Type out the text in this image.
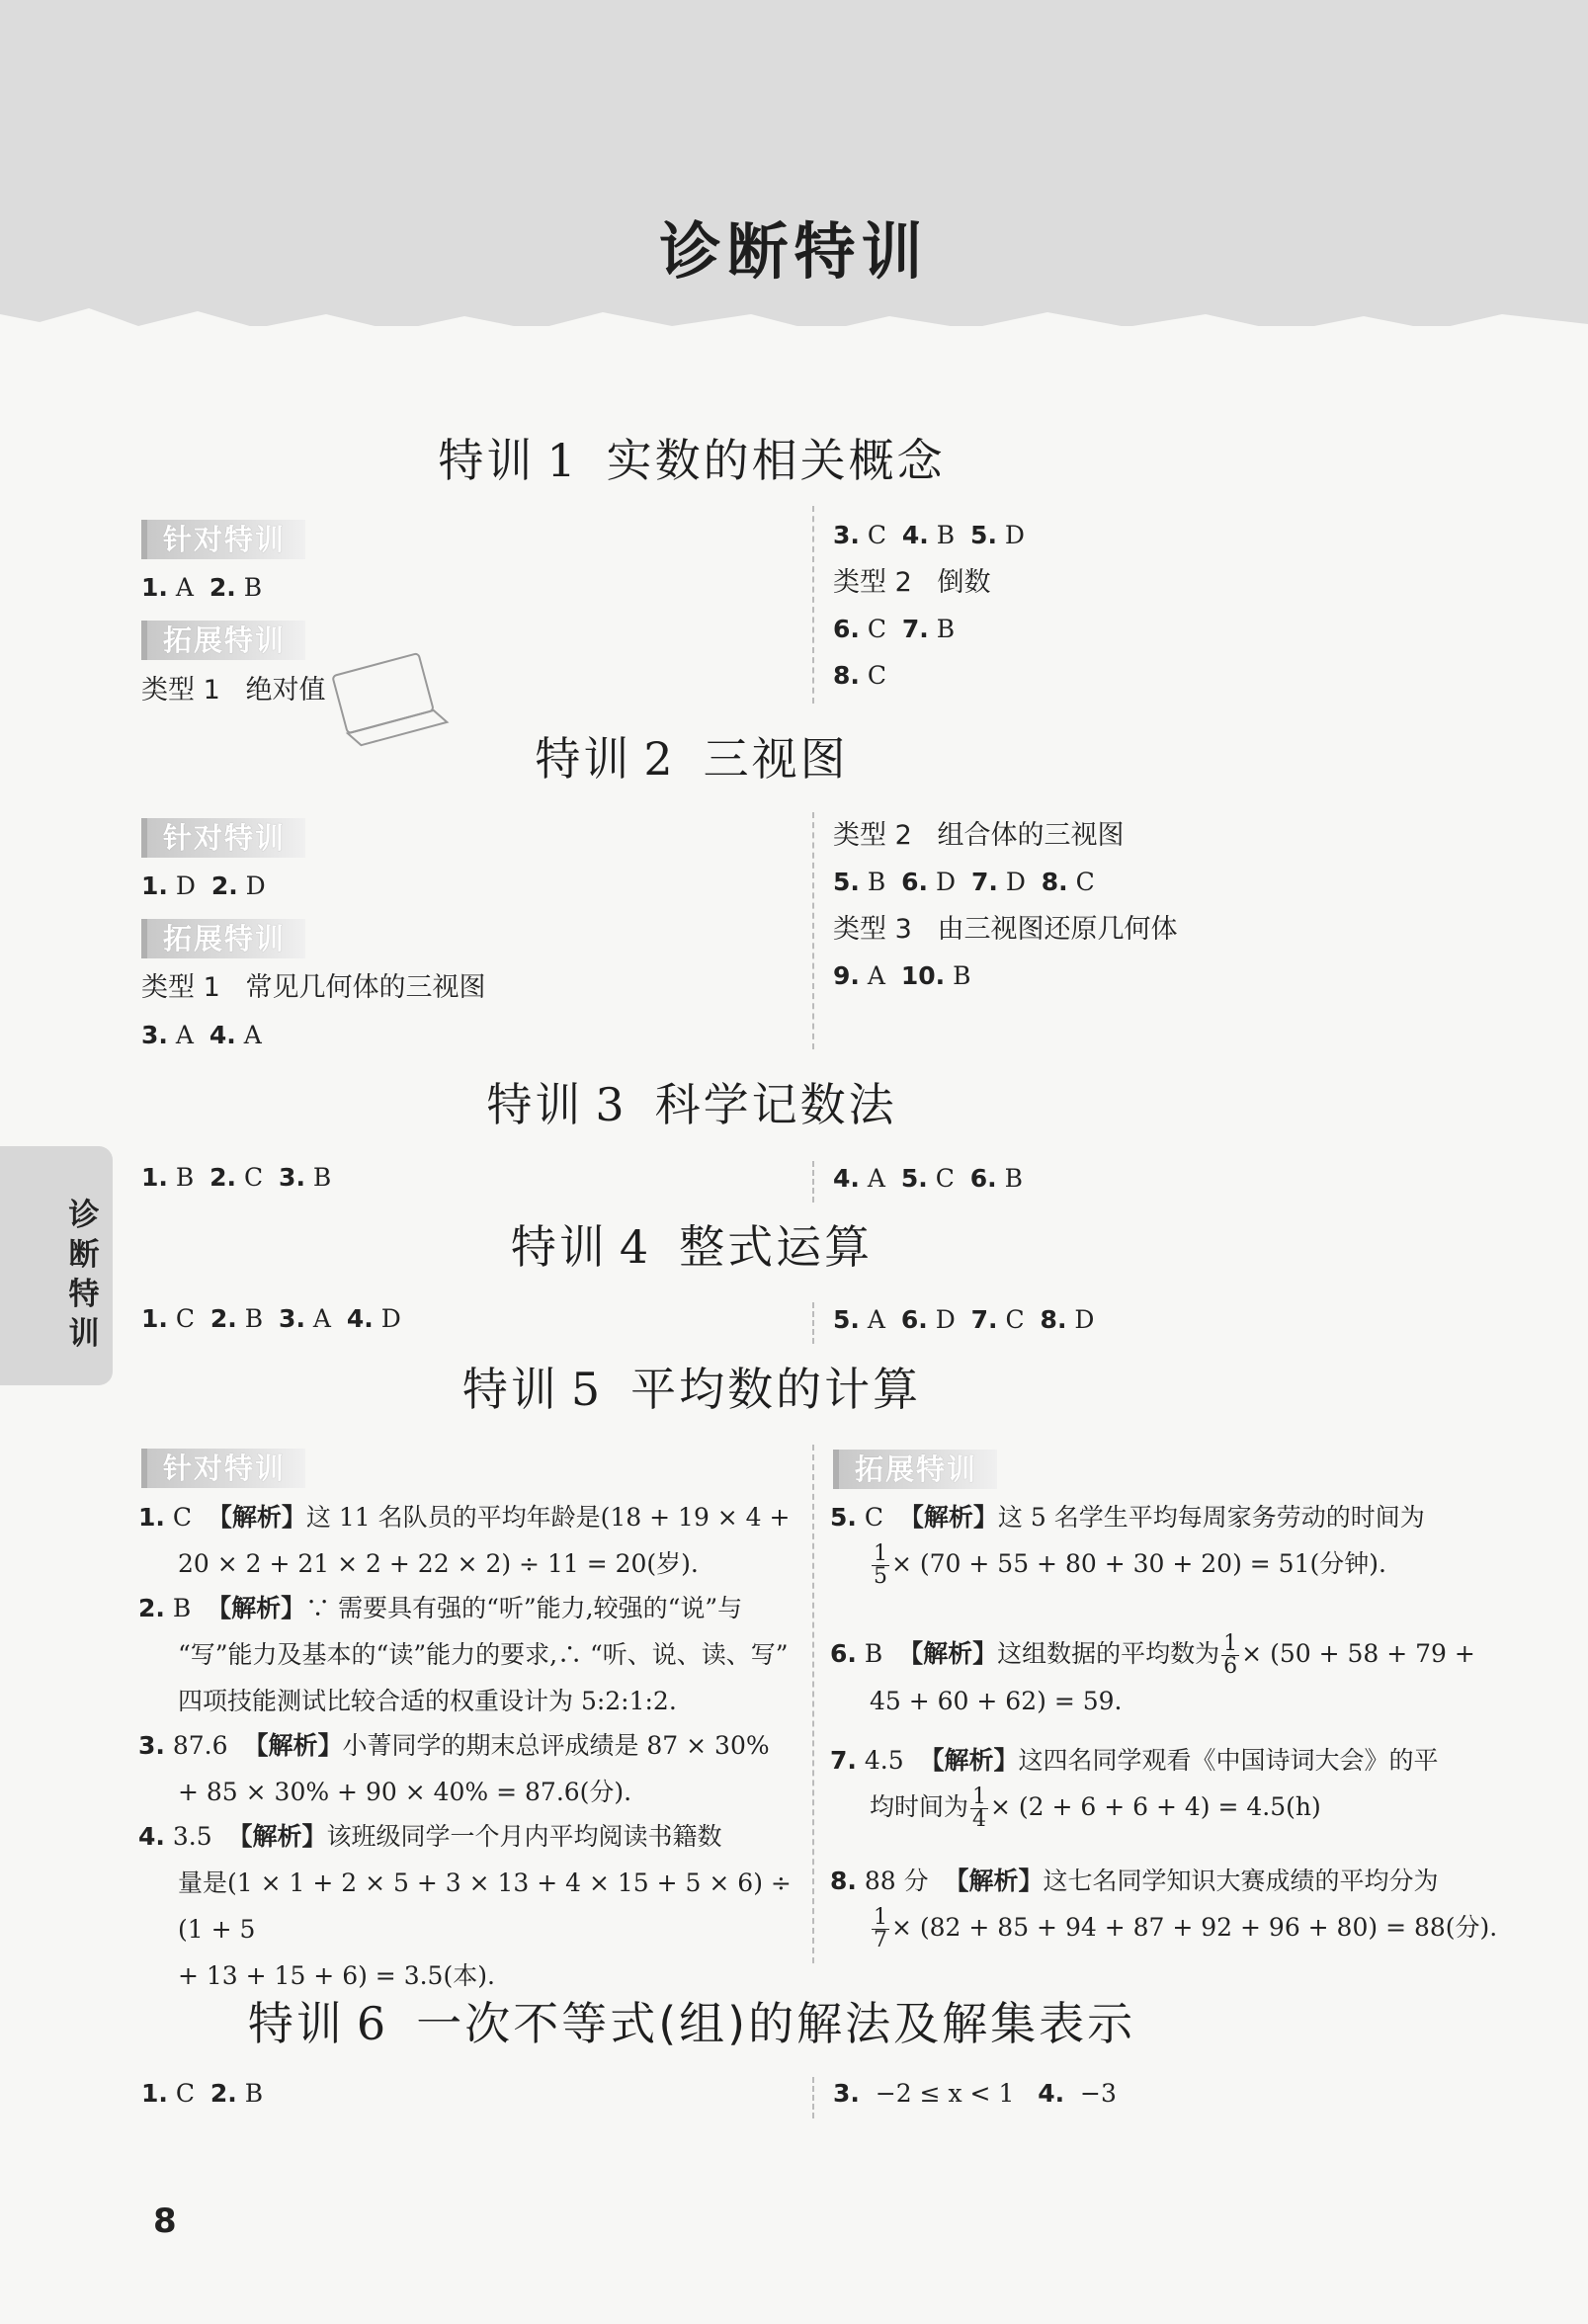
诊断特训
诊断特训
特训 1 实数的相关概念
针对特训
1. A 2. B
拓展特训
类型 1 绝对值
3. C 4. B 5. D
类型 2 倒数
6. C 7. B
8. C
特训 2 三视图
针对特训
1. D 2. D
拓展特训
类型 1 常见几何体的三视图
3. A 4. A
类型 2 组合体的三视图
5. B 6. D 7. D 8. C
类型 3 由三视图还原几何体
9. A 10. B
特训 3 科学记数法
1. B 2. C 3. B	4. A 5. C 6. B
特训 4 整式运算
1. C 2. B 3. A 4. D	5. A 6. D 7. C 8. D
特训 5 平均数的计算
针对特训
1. C 【解析】这 11 名队员的平均年龄是(18 + 19 × 4 +
20 × 2 + 21 × 2 + 22 × 2) ÷ 11 = 20(岁).
2. B 【解析】∵ 需要具有强的“听”能力,较强的“说”与
“写”能力及基本的“读”能力的要求,∴ “听、说、读、写”
四项技能测试比较合适的权重设计为 5:2:1:2.
3. 87.6 【解析】小菁同学的期末总评成绩是 87 × 30%
+ 85 × 30% + 90 × 40% = 87.6(分).
4. 3.5 【解析】该班级同学一个月内平均阅读书籍数
量是(1 × 1 + 2 × 5 + 3 × 13 + 4 × 15 + 5 × 6) ÷ (1 + 5
+ 13 + 15 + 6) = 3.5(本).
拓展特训
5. C 【解析】这 5 名学生平均每周家务劳动的时间为
$\frac{1}{5} \times (70 + 55 + 80 + 30 + 20) = 51$(分钟).
6. B 【解析】这组数据的平均数为 $\frac{1}{6} \times (50 + 58 + 79$ +
45 + 60 + 62) = 59.
7. 4.5 【解析】这四名同学观看《中国诗词大会》的平
均时间为 $\frac{1}{4} \times (2 + 6 + 6 + 4) = 4.5(h)$
8. 88 分 【解析】这七名同学知识大赛成绩的平均分为
$\frac{1}{7} \times (82 + 85 + 94 + 87 + 92 + 96 + 80) = 88$(分).
特训 6 一次不等式(组)的解法及解集表示
1. C 2. B	3. −2 ≤ x < 1 4. −3
8
